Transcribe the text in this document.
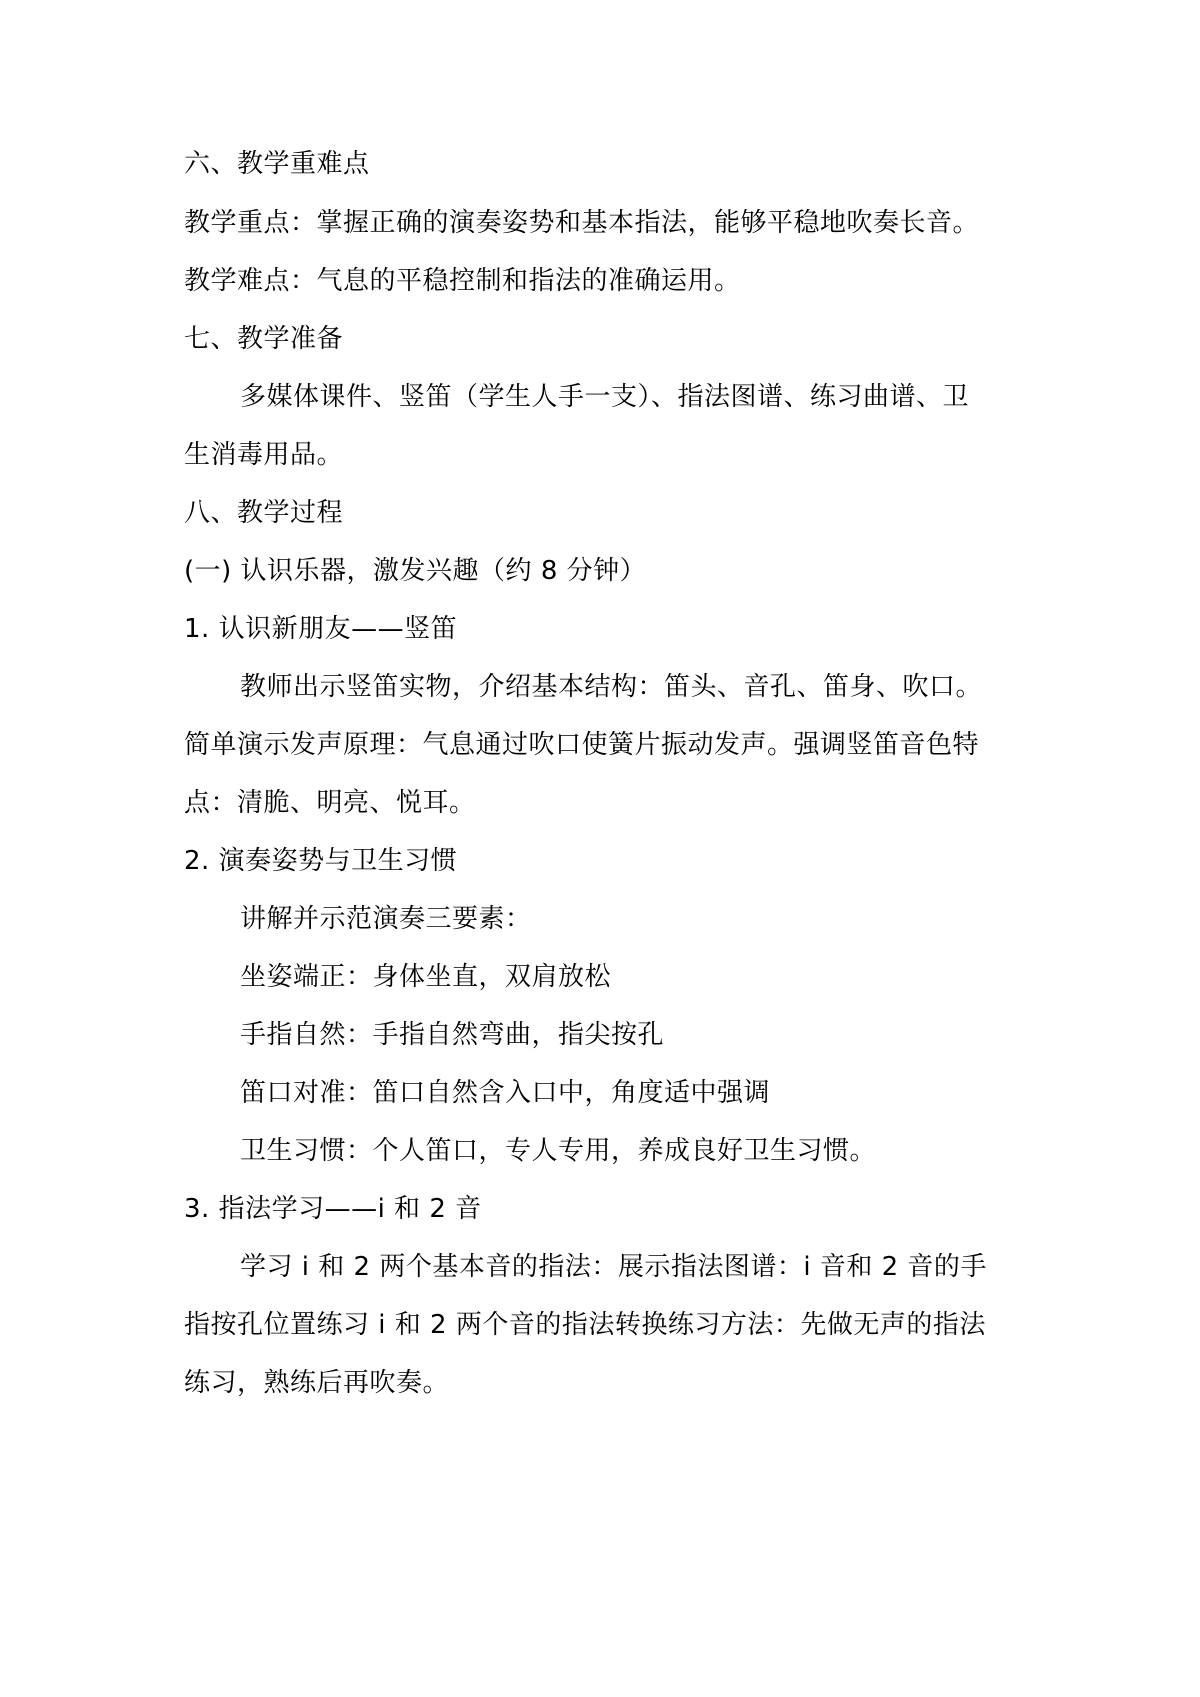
六、教学重难点
教学重点：掌握正确的演奏姿势和基本指法，能够平稳地吹奏长音。
教学难点：气息的平稳控制和指法的准确运用。
七、教学准备
多媒体课件、竖笛（学生人手一支）、指法图谱、练习曲谱、卫
生消毒用品。
八、教学过程
(一) 认识乐器，激发兴趣（约 8 分钟）
1. 认识新朋友——竖笛
教师出示竖笛实物，介绍基本结构：笛头、音孔、笛身、吹口。
简单演示发声原理：气息通过吹口使簧片振动发声。强调竖笛音色特
点：清脆、明亮、悦耳。
2. 演奏姿势与卫生习惯
讲解并示范演奏三要素：
坐姿端正：身体坐直，双肩放松
手指自然：手指自然弯曲，指尖按孔
笛口对准：笛口自然含入口中，角度适中强调
卫生习惯：个人笛口，专人专用，养成良好卫生习惯。
3. 指法学习——i 和 2 音
学习 i 和 2 两个基本音的指法：展示指法图谱：i 音和 2 音的手
指按孔位置练习 i 和 2 两个音的指法转换练习方法：先做无声的指法
练习，熟练后再吹奏。
